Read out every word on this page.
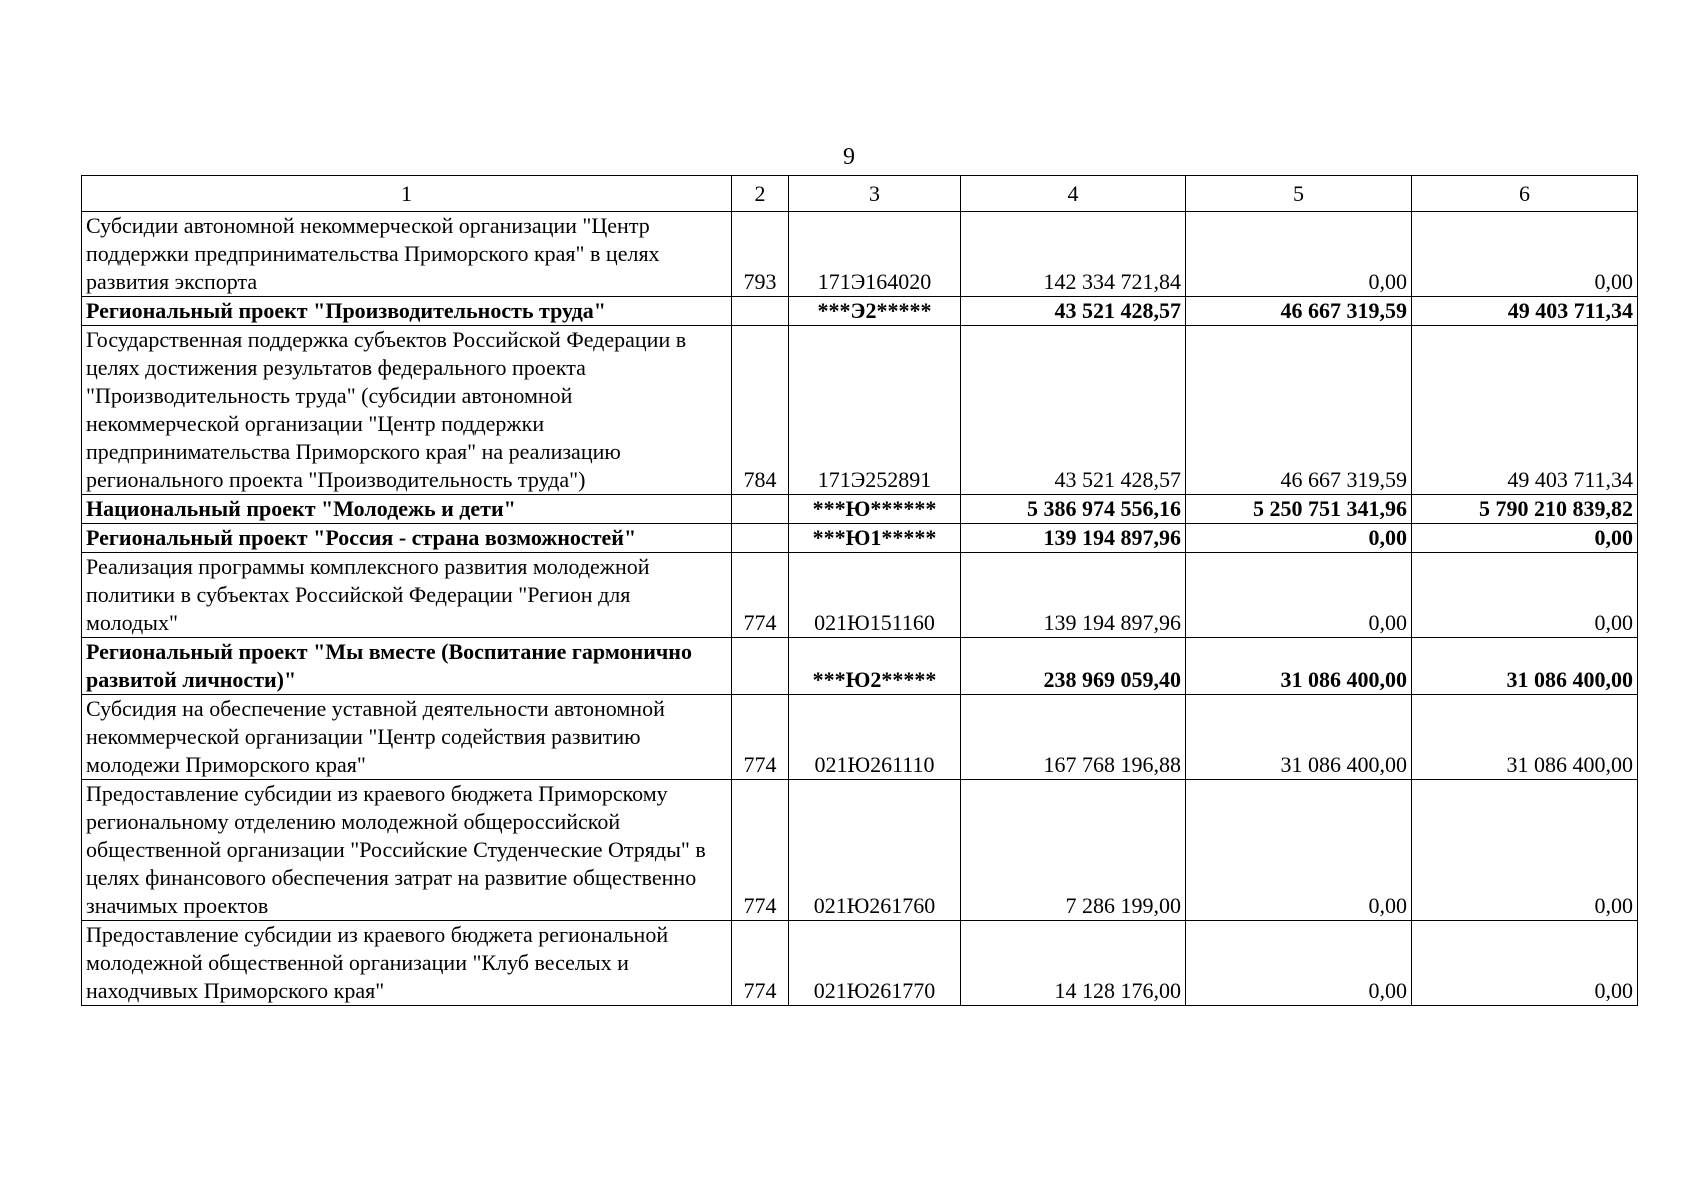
9
1	2	3	4	5	6
Субсидии автономной некоммерческой организации "Центр поддержки предпринимательства Приморского края" в целях развития экспорта	793	171Э164020	142 334 721,84	0,00	0,00
Региональный проект "Производительность труда"		***Э2*****	43 521 428,57	46 667 319,59	49 403 711,34
Государственная поддержка субъектов Российской Федерации в целях достижения результатов федерального проекта "Производительность труда" (субсидии автономной некоммерческой организации "Центр поддержки предпринимательства Приморского края" на реализацию регионального проекта "Производительность труда")	784	171Э252891	43 521 428,57	46 667 319,59	49 403 711,34
Национальный проект "Молодежь и дети"		***Ю******	5 386 974 556,16	5 250 751 341,96	5 790 210 839,82
Региональный проект "Россия - страна возможностей"		***Ю1*****	139 194 897,96	0,00	0,00
Реализация программы комплексного развития молодежной политики в субъектах Российской Федерации "Регион для молодых"	774	021Ю151160	139 194 897,96	0,00	0,00
Региональный проект "Мы вместе (Воспитание гармонично развитой личности)"		***Ю2*****	238 969 059,40	31 086 400,00	31 086 400,00
Субсидия на обеспечение уставной деятельности автономной некоммерческой организации "Центр содействия развитию молодежи Приморского края"	774	021Ю261110	167 768 196,88	31 086 400,00	31 086 400,00
Предоставление субсидии из краевого бюджета Приморскому региональному отделению молодежной общероссийской общественной организации "Российские Студенческие Отряды" в целях финансового обеспечения затрат на развитие общественно значимых проектов	774	021Ю261760	7 286 199,00	0,00	0,00
Предоставление субсидии из краевого бюджета региональной молодежной общественной организации "Клуб веселых и находчивых Приморского края"	774	021Ю261770	14 128 176,00	0,00	0,00
